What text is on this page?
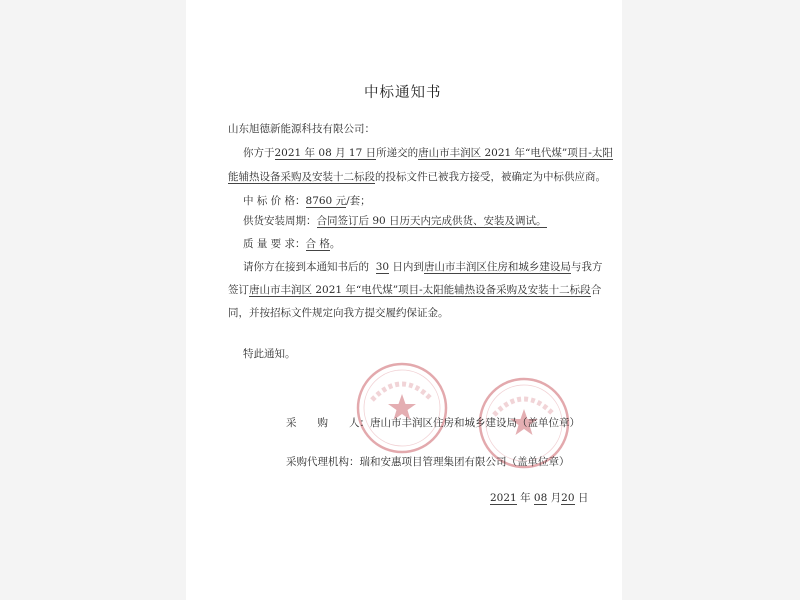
中标通知书
山东旭德新能源科技有限公司：
你方于2021 年 08 月 17 日所递交的唐山市丰润区 2021 年“电代煤”项目-太阳
能辅热设备采购及安装十二标段的投标文件已被我方接受，被确定为中标供应商。
中 标 价 格：8760 元/套；
供货安装周期：合同签订后 90 日历天内完成供货、安装及调试。
质 量 要 求：合 格。
请你方在接到本通知书后的 30 日内到唐山市丰润区住房和城乡建设局与我方
签订唐山市丰润区 2021 年“电代煤”项目-太阳能辅热设备采购及安装十二标段合
同，并按招标文件规定向我方提交履约保证金。
特此通知。
采　　购　　人：唐山市丰润区住房和城乡建设局（盖单位章）
采购代理机构：瑞和安惠项目管理集团有限公司（盖单位章）
2021 年 08 月20 日
